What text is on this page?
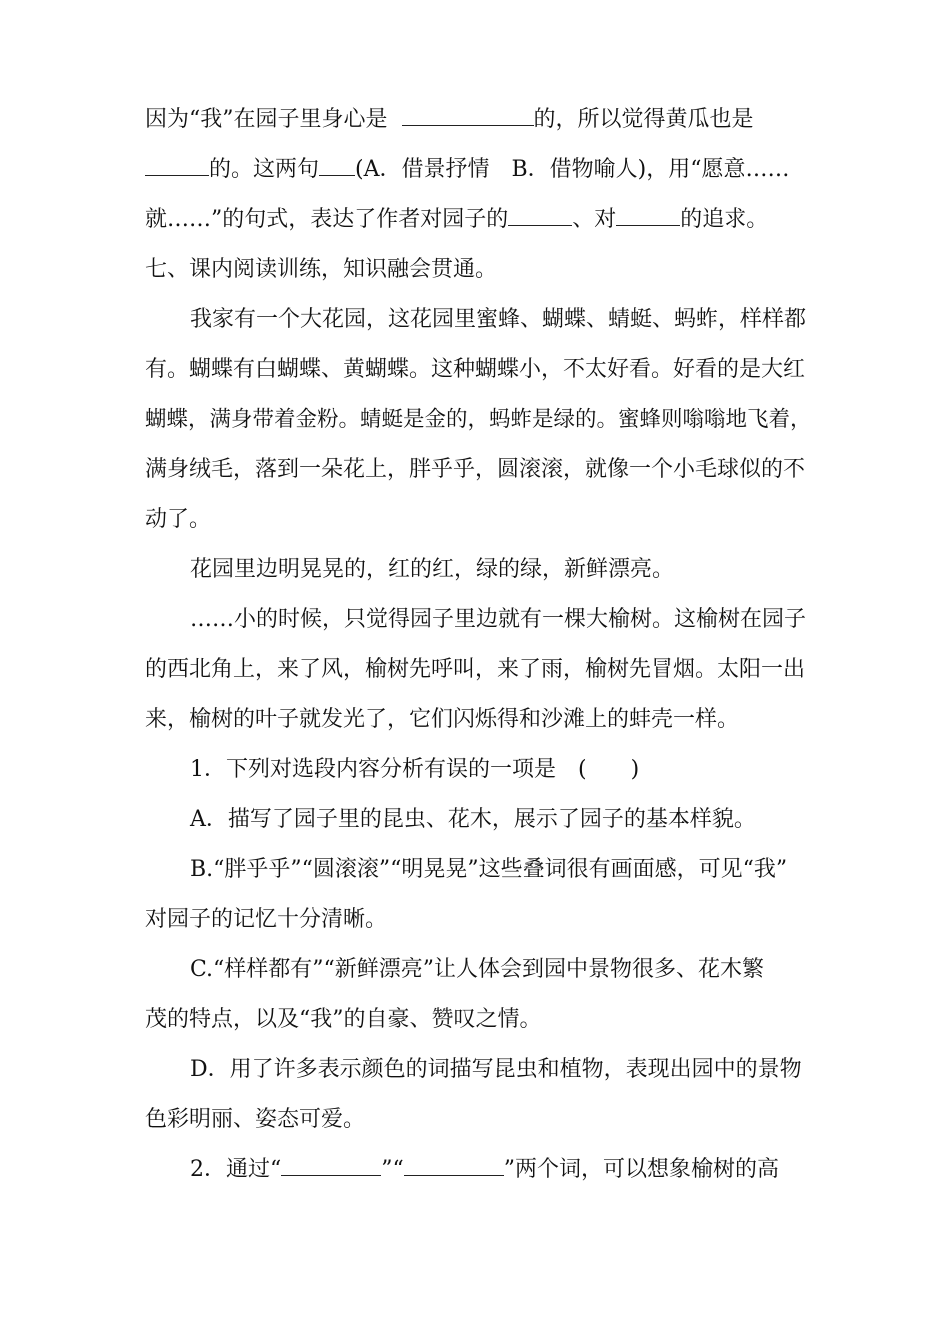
因为“我”在园子里身心是	的，所以觉得黄瓜也是
的。这两句 (A．借景抒情　B．借物喻人)，用“愿意……
就……”的句式，表达了作者对园子的	、对	的追求。
七、课内阅读训练，知识融会贯通。
我家有一个大花园，这花园里蜜蜂、蝴蝶、蜻蜓、蚂蚱，样样都
有。蝴蝶有白蝴蝶、黄蝴蝶。这种蝴蝶小，不太好看。好看的是大红
蝴蝶，满身带着金粉。蜻蜓是金的，蚂蚱是绿的。蜜蜂则嗡嗡地飞着，
满身绒毛，落到一朵花上，胖乎乎，圆滚滚，就像一个小毛球似的不
动了。
花园里边明晃晃的，红的红，绿的绿，新鲜漂亮。
……小的时候，只觉得园子里边就有一棵大榆树。这榆树在园子
的西北角上，来了风，榆树先呼叫，来了雨，榆树先冒烟。太阳一出
来，榆树的叶子就发光了，它们闪烁得和沙滩上的蚌壳一样。
1．下列对选段内容分析有误的一项是　(　　)
A．描写了园子里的昆虫、花木，展示了园子的基本样貌。
B.“胖乎乎”“圆滚滚”“明晃晃”这些叠词很有画面感，可见“我”
对园子的记忆十分清晰。
C.“样样都有”“新鲜漂亮”让人体会到园中景物很多、花木繁
茂的特点，以及“我”的自豪、赞叹之情。
D．用了许多表示颜色的词描写昆虫和植物，表现出园中的景物
色彩明丽、姿态可爱。
2．通过“	”“	”两个词，可以想象榆树的高
